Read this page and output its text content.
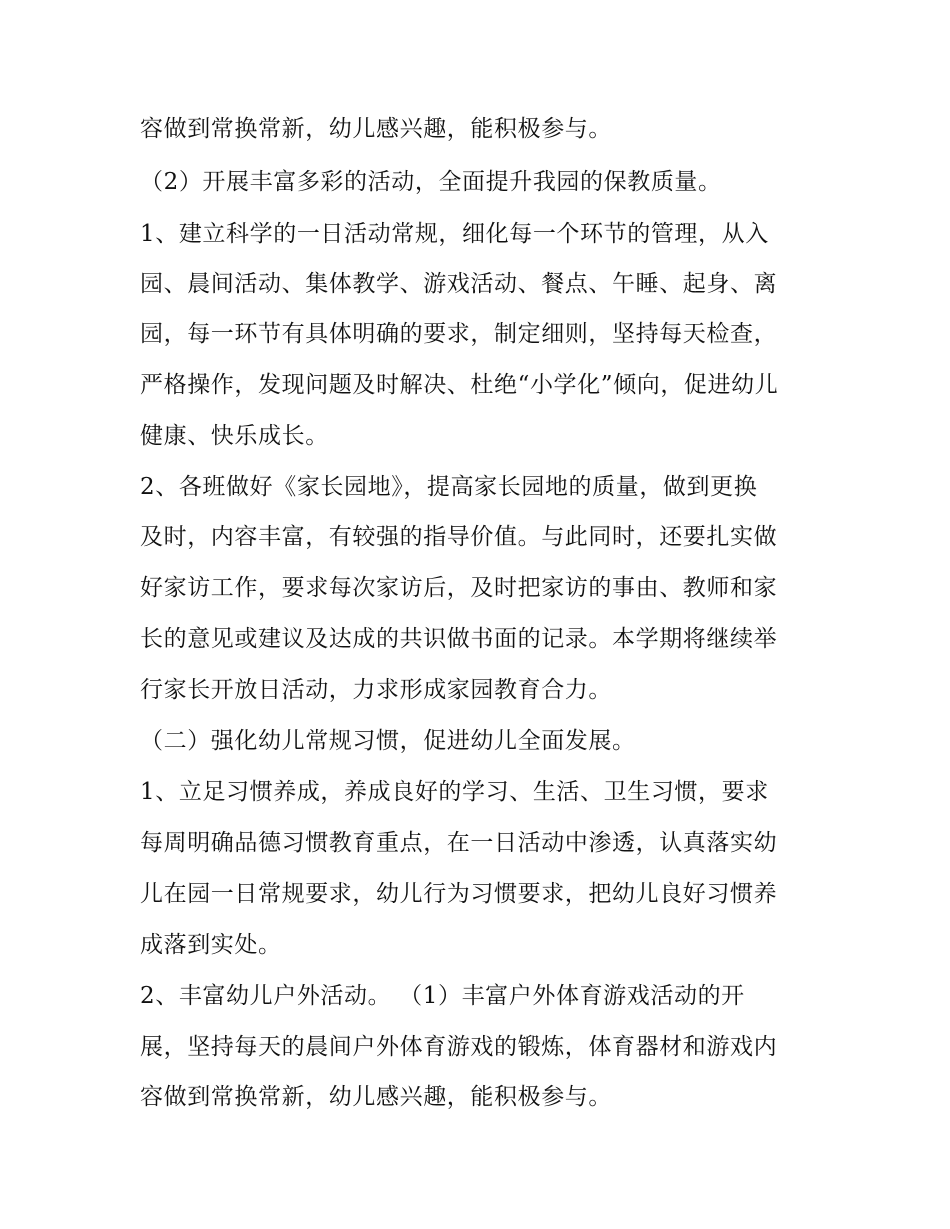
容做到常换常新，幼儿感兴趣，能积极参与。
（2）开展丰富多彩的活动，全面提升我园的保教质量。
1、建立科学的一日活动常规，细化每一个环节的管理，从入
园、晨间活动、集体教学、游戏活动、餐点、午睡、起身、离
园，每一环节有具体明确的要求，制定细则，坚持每天检查，
严格操作，发现问题及时解决、杜绝“小学化”倾向，促进幼儿
健康、快乐成长。
2、各班做好《家长园地》，提高家长园地的质量，做到更换
及时，内容丰富，有较强的指导价值。与此同时，还要扎实做
好家访工作，要求每次家访后，及时把家访的事由、教师和家
长的意见或建议及达成的共识做书面的记录。本学期将继续举
行家长开放日活动，力求形成家园教育合力。
（二）强化幼儿常规习惯，促进幼儿全面发展。
1、立足习惯养成，养成良好的学习、生活、卫生习惯，要求
每周明确品德习惯教育重点，在一日活动中渗透，认真落实幼
儿在园一日常规要求，幼儿行为习惯要求，把幼儿良好习惯养
成落到实处。
2、丰富幼儿户外活动。 （1）丰富户外体育游戏活动的开
展，坚持每天的晨间户外体育游戏的锻炼，体育器材和游戏内
容做到常换常新，幼儿感兴趣，能积极参与。
